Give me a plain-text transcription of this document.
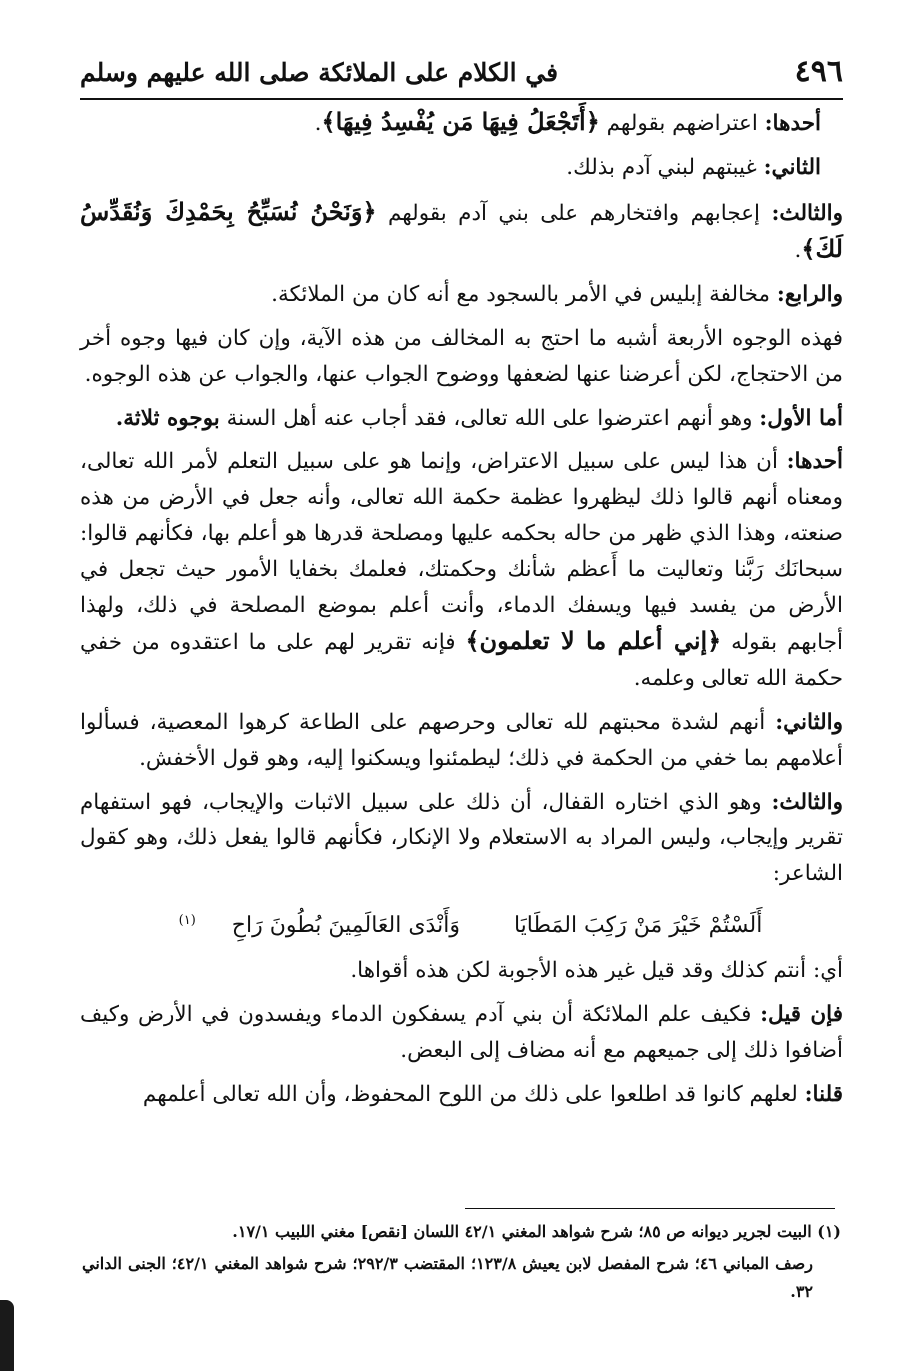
٤٩٦
في الكلام على الملائكة صلى الله عليهم وسلم

أحدها: اعتراضهم بقولهم ﴿أَتَجْعَلُ فِيهَا مَن يُفْسِدُ فِيهَا﴾.

الثاني: غيبتهم لبني آدم بذلك.

والثالث: إعجابهم وافتخارهم على بني آدم بقولهم ﴿وَنَحْنُ نُسَبِّحُ بِحَمْدِكَ وَنُقَدِّسُ لَكَ﴾.

والرابع: مخالفة إبليس في الأمر بالسجود مع أنه كان من الملائكة.

فهذه الوجوه الأربعة أشبه ما احتج به المخالف من هذه الآية، وإن كان فيها وجوه أخر من الاحتجاج، لكن أعرضنا عنها لضعفها ووضوح الجواب عنها، والجواب عن هذه الوجوه.

أما الأول: وهو أنهم اعترضوا على الله تعالى، فقد أجاب عنه أهل السنة بوجوه ثلاثة.

أحدها: أن هذا ليس على سبيل الاعتراض، وإنما هو على سبيل التعلم لأمر الله تعالى، ومعناه أنهم قالوا ذلك ليظهروا عظمة حكمة الله تعالى، وأنه جعل في الأرض من هذه صنعته، وهذا الذي ظهر من حاله بحكمه عليها ومصلحة قدرها هو أعلم بها، فكأنهم قالوا: سبحانَك رَبَّنا وتعاليت ما أَعظم شأنك وحكمتك، فعلمك بخفايا الأمور حيث تجعل في الأرض من يفسد فيها ويسفك الدماء، وأنت أعلم بموضع المصلحة في ذلك، ولهذا أجابهم بقوله ﴿إني أعلم ما لا تعلمون﴾ فإنه تقرير لهم على ما اعتقدوه من خفي حكمة الله تعالى وعلمه.

والثاني: أنهم لشدة محبتهم لله تعالى وحرصهم على الطاعة كرهوا المعصية، فسألوا أعلامهم بما خفي من الحكمة في ذلك؛ ليطمئنوا ويسكنوا إليه، وهو قول الأخفش.

والثالث: وهو الذي اختاره القفال، أن ذلك على سبيل الاثبات والإيجاب، فهو استفهام تقرير وإيجاب، وليس المراد به الاستعلام ولا الإنكار، فكأنهم قالوا يفعل ذلك، وهو كقول الشاعر:

أَلَسْتُمْ خَيْرَ مَنْ رَكِبَ المَطَايَاوَأَنْدَى العَالَمِينَ بُطُونَ رَاحِ$^{(١)}$

أي: أنتم كذلك وقد قيل غير هذه الأجوبة لكن هذه أقواها.

فإن قيل: فكيف علم الملائكة أن بني آدم يسفكون الدماء ويفسدون في الأرض وكيف أضافوا ذلك إلى جميعهم مع أنه مضاف إلى البعض.

قلنا: لعلهم كانوا قد اطلعوا على ذلك من اللوح المحفوظ، وأن الله تعالى أعلمهم

(١) البيت لجرير ديوانه ص ٨٥؛ شرح شواهد المغني ٤٢/١ اللسان [نقص] مغني اللبيب ١٧/١.

رصف المباني ٤٦؛ شرح المفصل لابن يعيش ١٢٣/٨؛ المقتضب ٢٩٢/٣؛ شرح شواهد المغني ٤٢/١؛ الجنى الداني ٣٢.
